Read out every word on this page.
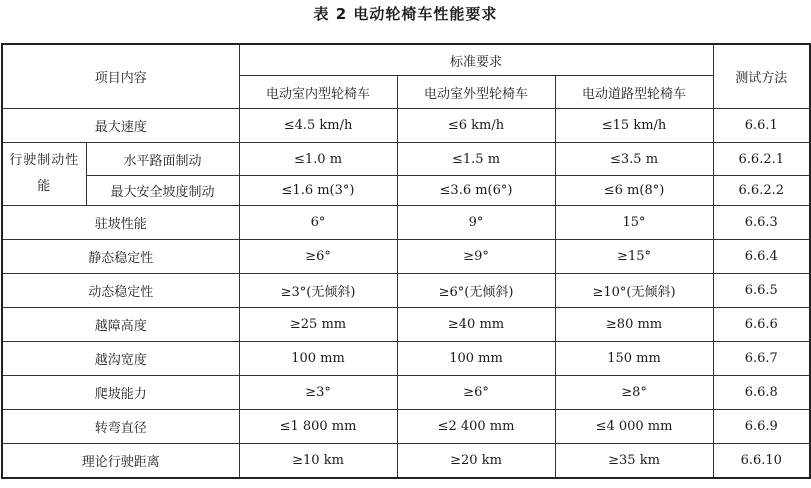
表 2 电动轮椅车性能要求
项目内容		标准要求			测试方法
		电动室内型轮椅车	电动室外型轮椅车	电动道路型轮椅车	
最大速度		≤4.5 km/h	≤6 km/h	≤15 km/h	6.6.1
行驶制动性能	水平路面制动	≤1.0 m	≤1.5 m	≤3.5 m	6.6.2.1
	最大安全坡度制动	≤1.6 m(3°)	≤3.6 m(6°)	≤6 m(8°)	6.6.2.2
驻坡性能		6°	9°	15°	6.6.3
静态稳定性		≥6°	≥9°	≥15°	6.6.4
动态稳定性		≥3°(无倾斜)	≥6°(无倾斜)	≥10°(无倾斜)	6.6.5
越障高度		≥25 mm	≥40 mm	≥80 mm	6.6.6
越沟宽度		100 mm	100 mm	150 mm	6.6.7
爬坡能力		≥3°	≥6°	≥8°	6.6.8
转弯直径		≤1 800 mm	≤2 400 mm	≤4 000 mm	6.6.9
理论行驶距离		≥10 km	≥20 km	≥35 km	6.6.10
